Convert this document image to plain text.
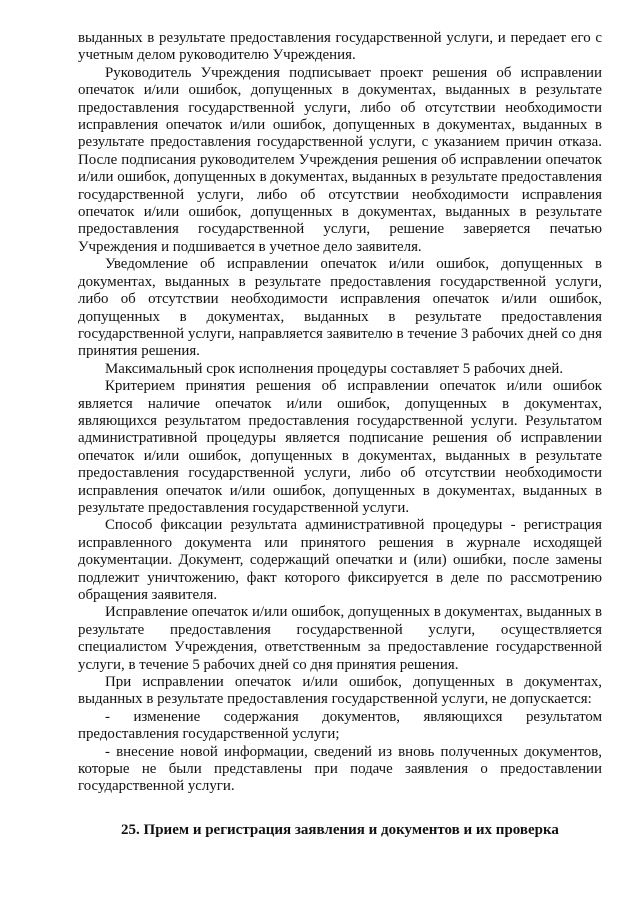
выданных в результате предоставления государственной услуги, и передает его с учетным делом руководителю Учреждения.

Руководитель Учреждения подписывает проект решения об исправлении опечаток и/или ошибок, допущенных в документах, выданных в результате предоставления государственной услуги, либо об отсутствии необходимости исправления опечаток и/или ошибок, допущенных в документах, выданных в результате предоставления государственной услуги, с указанием причин отказа. После подписания руководителем Учреждения решения об исправлении опечаток и/или ошибок, допущенных в документах, выданных в результате предоставления государственной услуги, либо об отсутствии необходимости исправления опечаток и/или ошибок, допущенных в документах, выданных в результате предоставления государственной услуги, решение заверяется печатью Учреждения и подшивается в учетное дело заявителя.

Уведомление об исправлении опечаток и/или ошибок, допущенных в документах, выданных в результате предоставления государственной услуги, либо об отсутствии необходимости исправления опечаток и/или ошибок, допущенных в документах, выданных в результате предоставления государственной услуги, направляется заявителю в течение 3 рабочих дней со дня принятия решения.

Максимальный срок исполнения процедуры составляет 5 рабочих дней.

Критерием принятия решения об исправлении опечаток и/или ошибок является наличие опечаток и/или ошибок, допущенных в документах, являющихся результатом предоставления государственной услуги. Результатом административной процедуры является подписание решения об исправлении опечаток и/или ошибок, допущенных в документах, выданных в результате предоставления государственной услуги, либо об отсутствии необходимости исправления опечаток и/или ошибок, допущенных в документах, выданных в результате предоставления государственной услуги.

Способ фиксации результата административной процедуры - регистрация исправленного документа или принятого решения в журнале исходящей документации. Документ, содержащий опечатки и (или) ошибки, после замены подлежит уничтожению, факт которого фиксируется в деле по рассмотрению обращения заявителя.

Исправление опечаток и/или ошибок, допущенных в документах, выданных в результате предоставления государственной услуги, осуществляется специалистом Учреждения, ответственным за предоставление государственной услуги, в течение 5 рабочих дней со дня принятия решения.

При исправлении опечаток и/или ошибок, допущенных в документах, выданных в результате предоставления государственной услуги, не допускается:

- изменение содержания документов, являющихся результатом предоставления государственной услуги;

- внесение новой информации, сведений из вновь полученных документов, которые не были представлены при подаче заявления о предоставлении государственной услуги.

25. Прием и регистрация заявления и документов и их проверка
